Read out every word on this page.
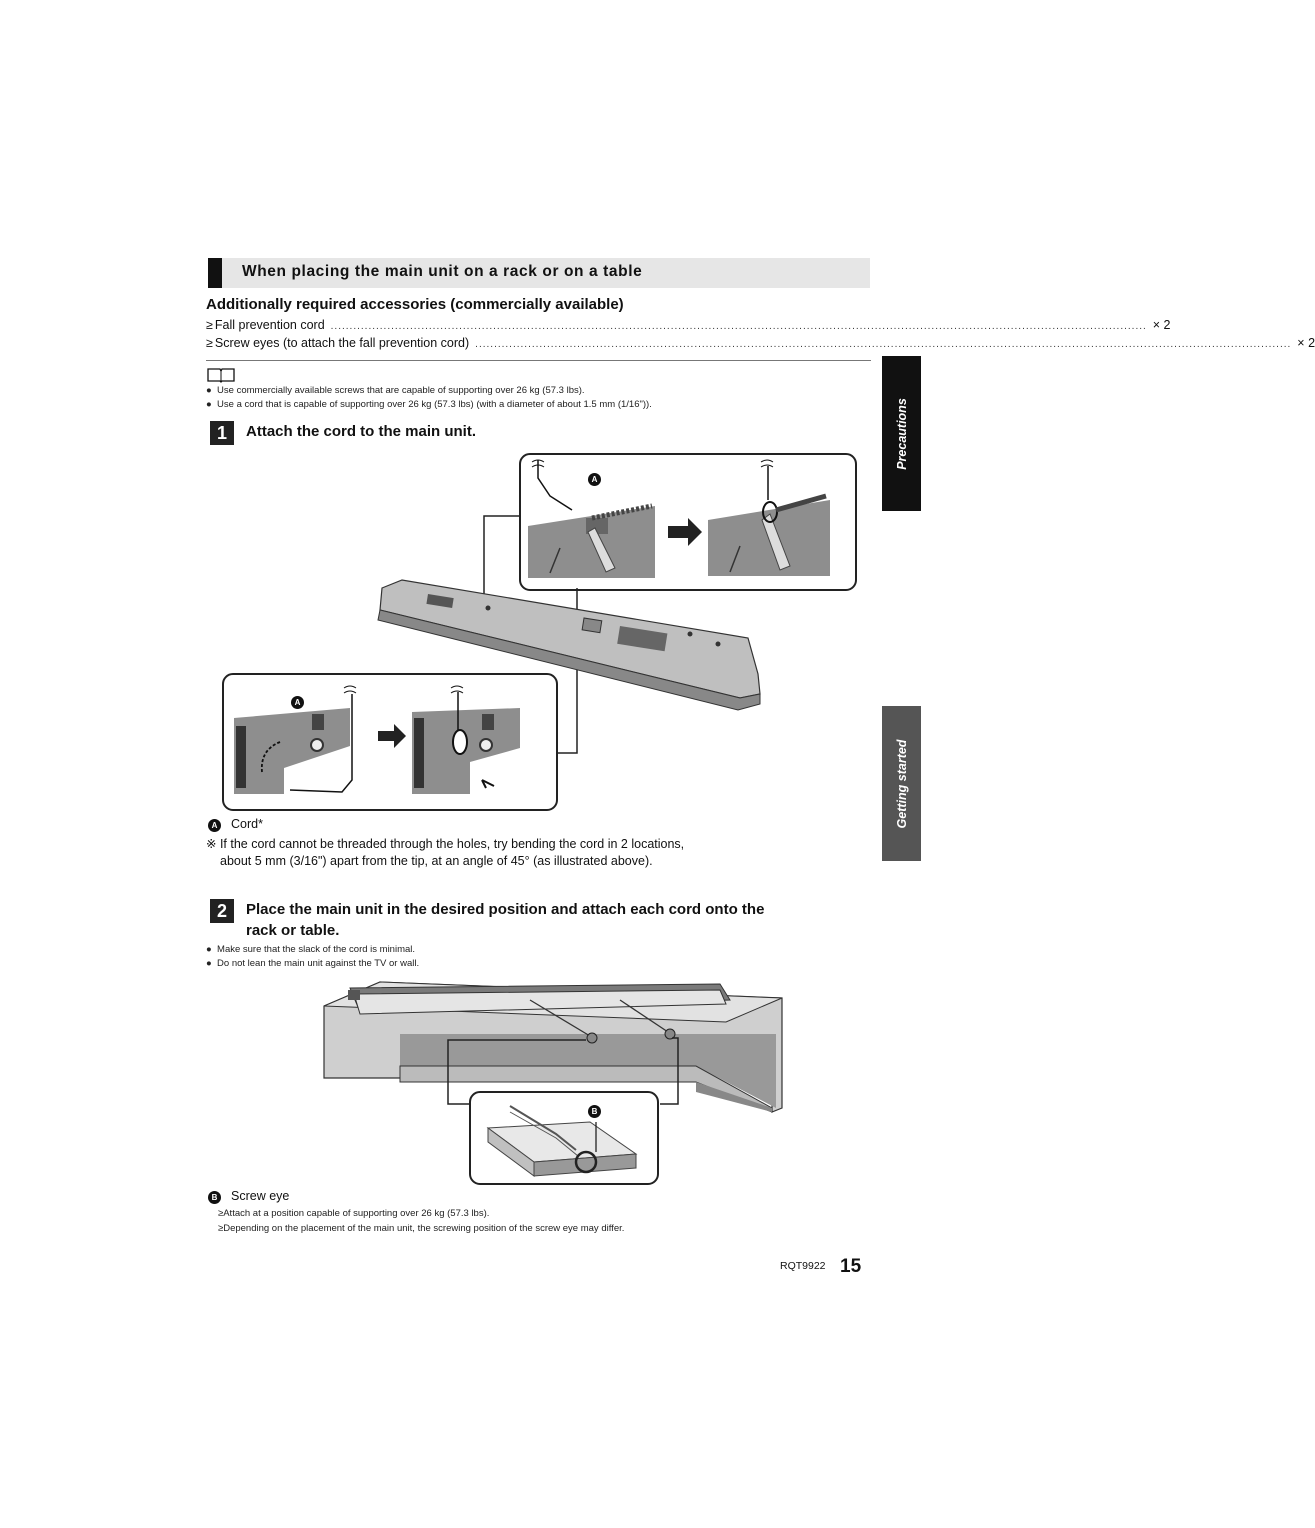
When placing the main unit on a rack or on a table
Additionally required accessories (commercially available)
≥ Fall prevention cord ........................................................................................................................................................................................................................ × 2
≥ Screw eyes (to attach the fall prevention cord) ........................................................................................................................................................................................................................ × 2
●  Use commercially available screws that are capable of supporting over 26 kg (57.3 lbs).
●  Use a cord that is capable of supporting over 26 kg (57.3 lbs) (with a diameter of about 1.5 mm (1/16")).
1	Attach the cord to the main unit.
A
A
A Cord*
※ If the cord cannot be threaded through the holes, try bending the cord in 2 locations,
about 5 mm (3/16") apart from the tip, at an angle of 45° (as illustrated above).
2	Place the main unit in the desired position and attach each cord onto the
rack or table.
●  Make sure that the slack of the cord is minimal.
●  Do not lean the main unit against the TV or wall.
B
B Screw eye
≥Attach at a position capable of supporting over 26 kg (57.3 lbs).
≥Depending on the placement of the main unit, the screwing position of the screw eye may differ.
Precautions
Getting started
RQT9922 15
